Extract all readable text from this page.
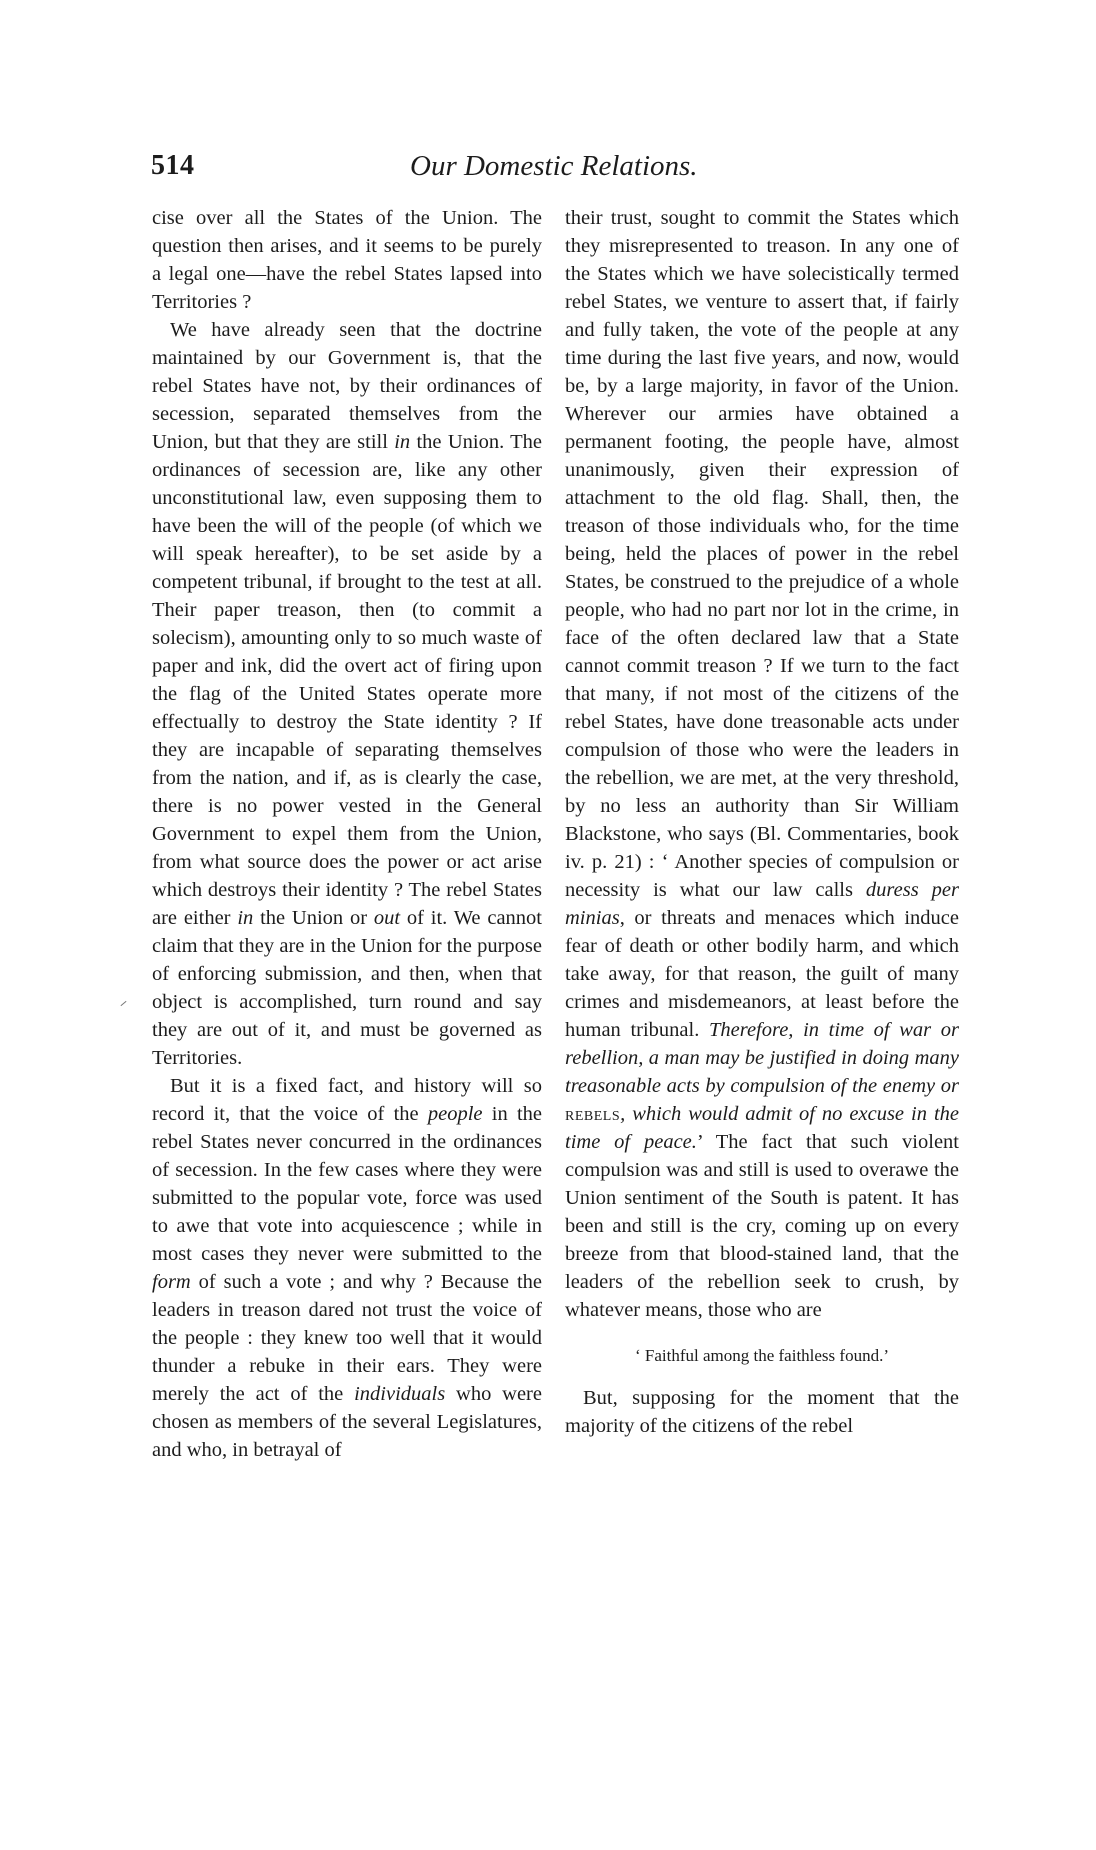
514	Our Domestic Relations.

cise over all the States of the Union. The question then arises, and it seems to be purely a legal one—have the rebel States lapsed into Territories ?

We have already seen that the doctrine maintained by our Government is, that the rebel States have not, by their ordinances of secession, separated themselves from the Union, but that they are still in the Union. The ordinances of secession are, like any other unconstitutional law, even supposing them to have been the will of the people (of which we will speak hereafter), to be set aside by a competent tribunal, if brought to the test at all. Their paper treason, then (to commit a solecism), amounting only to so much waste of paper and ink, did the overt act of firing upon the flag of the United States operate more effectually to destroy the State identity ? If they are incapable of separating themselves from the nation, and if, as is clearly the case, there is no power vested in the General Government to expel them from the Union, from what source does the power or act arise which destroys their identity ? The rebel States are either in the Union or out of it. We cannot claim that they are in the Union for the purpose of enforcing submission, and then, when that object is accomplished, turn round and say they are out of it, and must be governed as Territories.

But it is a fixed fact, and history will so record it, that the voice of the people in the rebel States never concurred in the ordinances of secession. In the few cases where they were submitted to the popular vote, force was used to awe that vote into acquiescence ; while in most cases they never were submitted to the form of such a vote ; and why ? Because the leaders in treason dared not trust the voice of the people : they knew too well that it would thunder a rebuke in their ears. They were merely the act of the individuals who were chosen as members of the several Legislatures, and who, in betrayal of

their trust, sought to commit the States which they misrepresented to treason. In any one of the States which we have solecistically termed rebel States, we venture to assert that, if fairly and fully taken, the vote of the people at any time during the last five years, and now, would be, by a large majority, in favor of the Union. Wherever our armies have obtained a permanent footing, the people have, almost unanimously, given their expression of attachment to the old flag. Shall, then, the treason of those individuals who, for the time being, held the places of power in the rebel States, be construed to the prejudice of a whole people, who had no part nor lot in the crime, in face of the often declared law that a State cannot commit treason ? If we turn to the fact that many, if not most of the citizens of the rebel States, have done treasonable acts under compulsion of those who were the leaders in the rebellion, we are met, at the very threshold, by no less an authority than Sir William Blackstone, who says (Bl. Commentaries, book iv. p. 21) : ‘ Another species of compulsion or necessity is what our law calls duress per minias, or threats and menaces which induce fear of death or other bodily harm, and which take away, for that reason, the guilt of many crimes and misdemeanors, at least before the human tribunal. Therefore, in time of war or rebellion, a man may be justified in doing many treasonable acts by compulsion of the enemy or rebels, which would admit of no excuse in the time of peace.’ The fact that such violent compulsion was and still is used to overawe the Union sentiment of the South is patent. It has been and still is the cry, coming up on every breeze from that blood-stained land, that the leaders of the rebellion seek to crush, by whatever means, those who are

‘ Faithful among the faithless found.’

But, supposing for the moment that the majority of the citizens of the rebel
